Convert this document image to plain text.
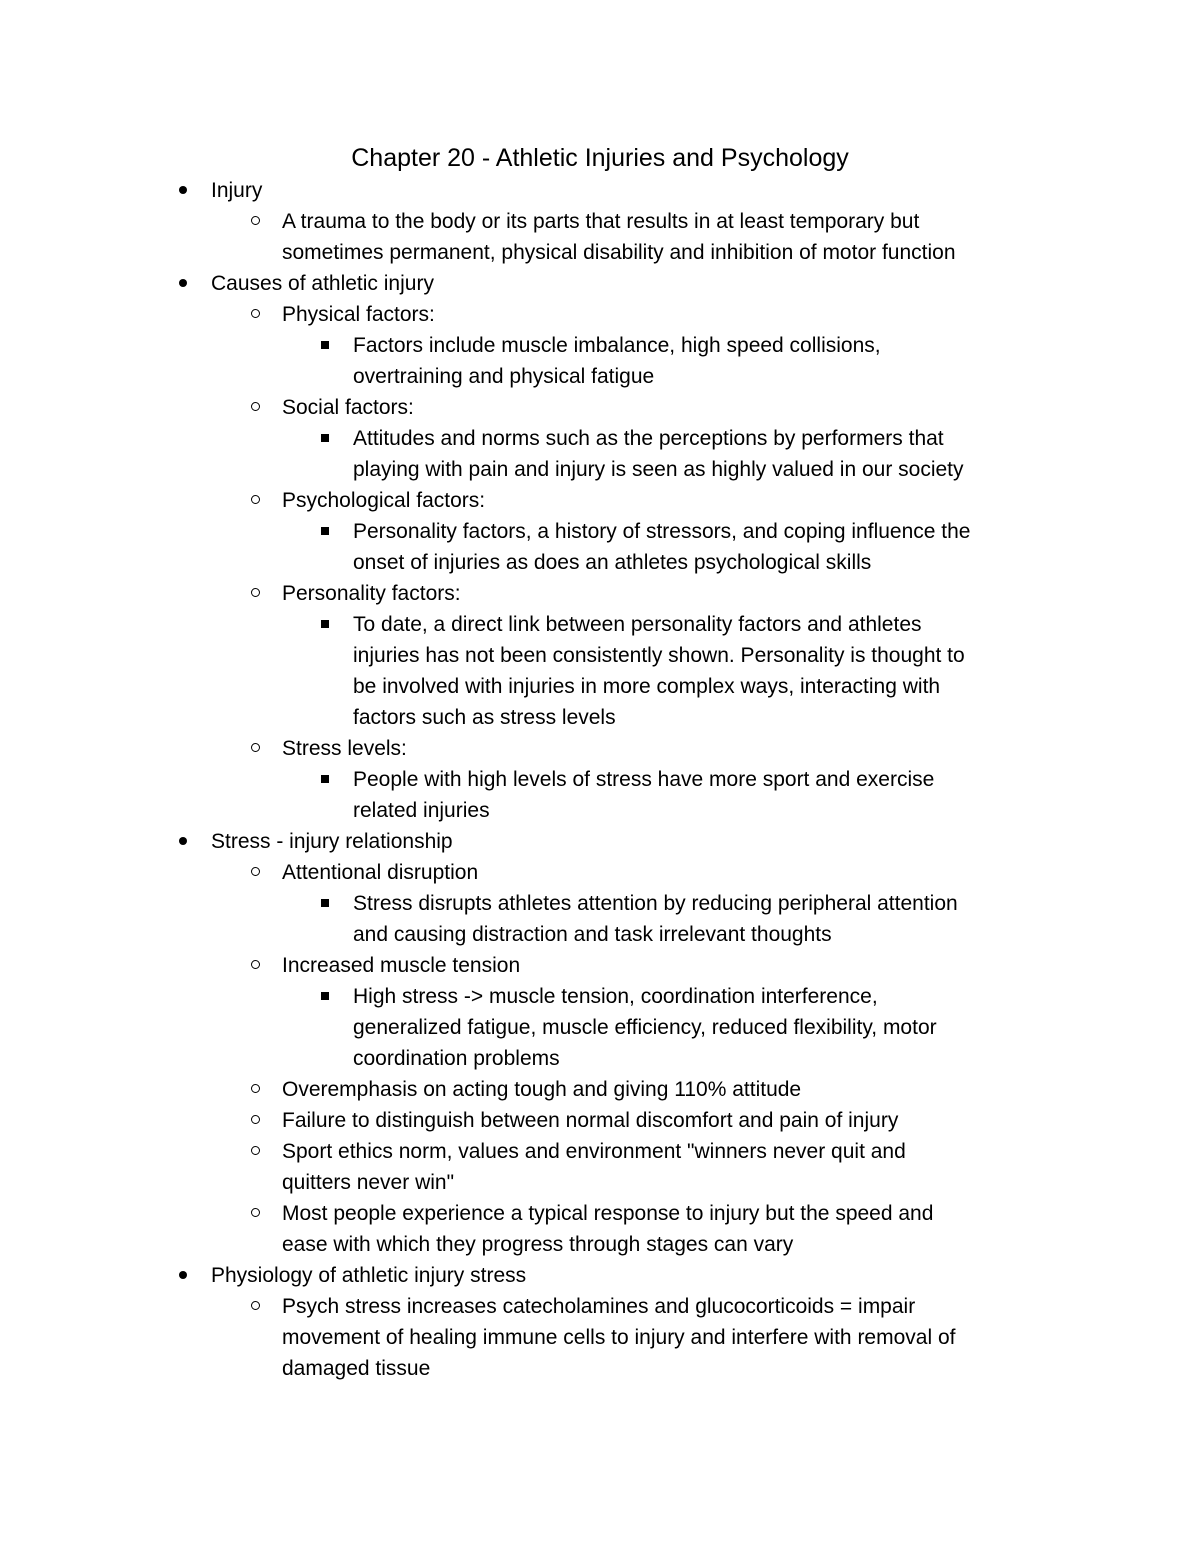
Chapter 20 - Athletic Injuries and Psychology
Injury
A trauma to the body or its parts that results in at least temporary but
sometimes permanent, physical disability and inhibition of motor function
Causes of athletic injury
Physical factors:
Factors include muscle imbalance, high speed collisions,
overtraining and physical fatigue
Social factors:
Attitudes and norms such as the perceptions by performers that
playing with pain and injury is seen as highly valued in our society
Psychological factors:
Personality factors, a history of stressors, and coping influence the
onset of injuries as does an athletes psychological skills
Personality factors:
To date, a direct link between personality factors and athletes
injuries has not been consistently shown. Personality is thought to
be involved with injuries in more complex ways, interacting with
factors such as stress levels
Stress levels:
People with high levels of stress have more sport and exercise
related injuries
Stress - injury relationship
Attentional disruption
Stress disrupts athletes attention by reducing peripheral attention
and causing distraction and task irrelevant thoughts
Increased muscle tension
High stress -> muscle tension, coordination interference,
generalized fatigue, muscle efficiency, reduced flexibility, motor
coordination problems
Overemphasis on acting tough and giving 110% attitude
Failure to distinguish between normal discomfort and pain of injury
Sport ethics norm, values and environment "winners never quit and
quitters never win"
Most people experience a typical response to injury but the speed and
ease with which they progress through stages can vary
Physiology of athletic injury stress
Psych stress increases catecholamines and glucocorticoids = impair
movement of healing immune cells to injury and interfere with removal of
damaged tissue
